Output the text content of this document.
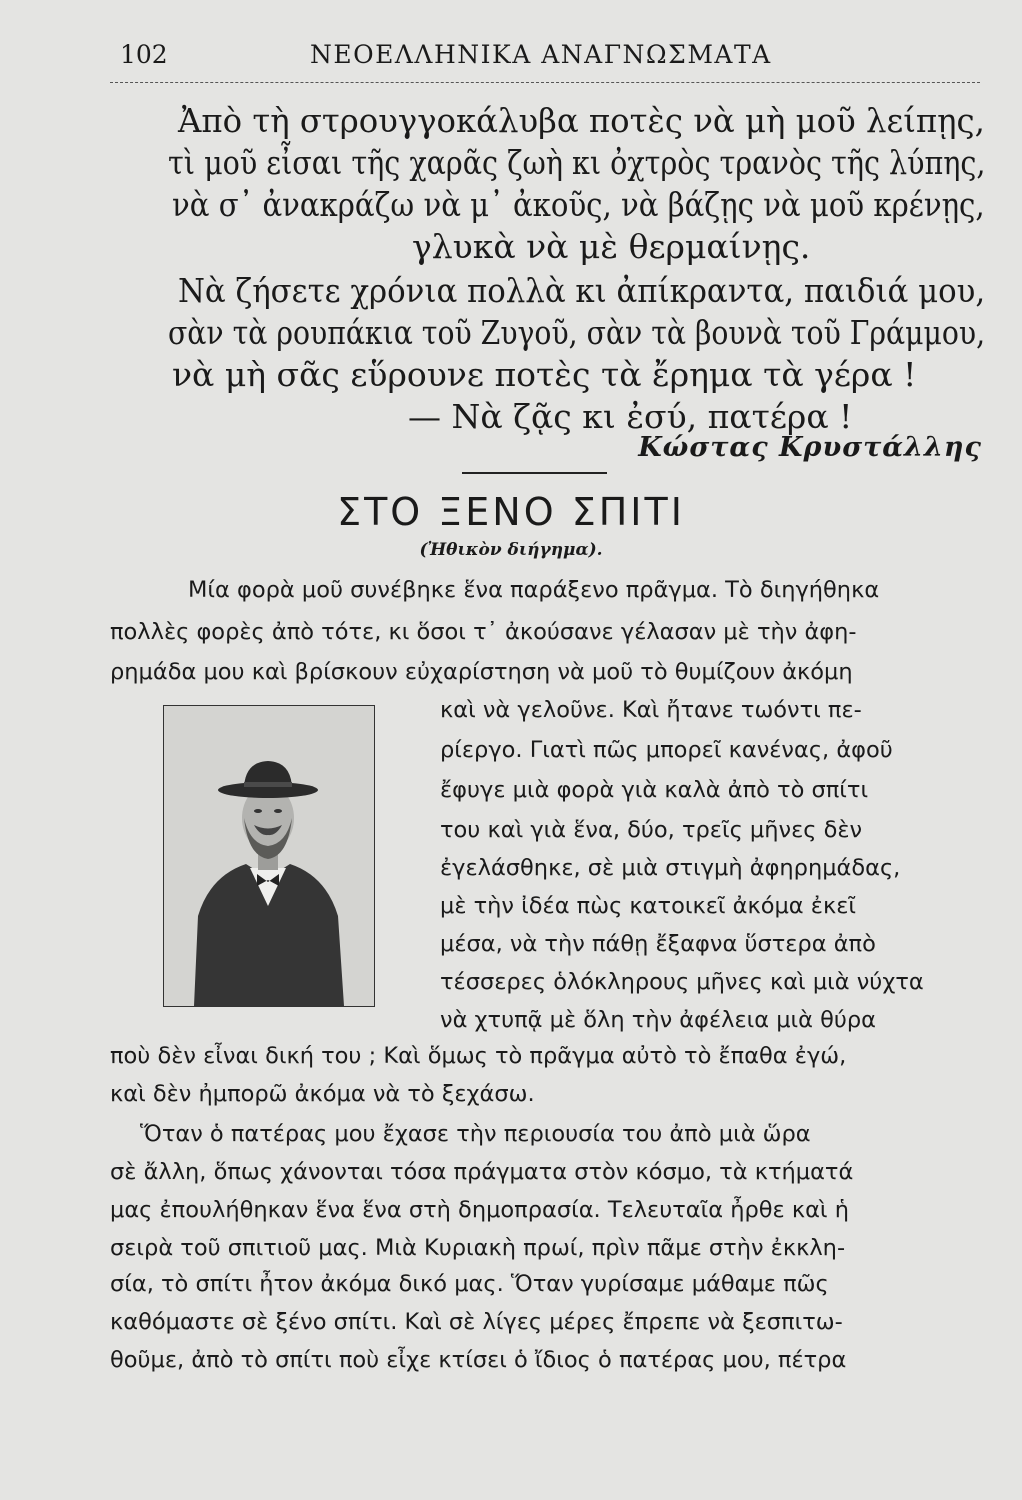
102	ΝΕΟΕΛΛΗΝΙΚΑ ΑΝΑΓΝΩΣΜΑΤΑ
Ἀπὸ τὴ στρουγγοκάλυβα ποτὲς νὰ μὴ μοῦ λείπῃς,
τὶ μοῦ εἶσαι τῆς χαρᾶς ζωὴ κι ὀχτρὸς τρανὸς τῆς λύπης,
νὰ σ᾽ ἀνακράζω νὰ μ᾽ ἀκοῦς, νὰ βάζῃς νὰ μοῦ κρένῃς,
γλυκὰ νὰ μὲ θερμαίνῃς.
Νὰ ζήσετε χρόνια πολλὰ κι ἀπίκραντα, παιδιά μου,
σὰν τὰ ρουπάκια τοῦ Ζυγοῦ, σὰν τὰ βουνὰ τοῦ Γράμμου,
νὰ μὴ σᾶς εὕρουνε ποτὲς τὰ ἔρημα τὰ γέρα !
— Νὰ ζᾷς κι ἐσύ, πατέρα !
Κώστας Κρυστάλλης
ΣΤΟ ΞΕΝΟ ΣΠΙΤΙ
(Ἠθικὸν διήγημα).
Μία φορὰ μοῦ συνέβηκε ἕνα παράξενο πρᾶγμα. Τὸ διηγήθηκα
πολλὲς φορὲς ἀπὸ τότε, κι ὅσοι τ᾽ ἀκούσανε γέλασαν μὲ τὴν ἀφη-
ρημάδα μου καὶ βρίσκουν εὐχαρίστηση νὰ μοῦ τὸ θυμίζουν ἀκόμη
καὶ νὰ γελοῦνε. Καὶ ἤτανε τωόντι πε-
ρίεργο. Γιατὶ πῶς μπορεῖ κανένας, ἀφοῦ
ἔφυγε μιὰ φορὰ γιὰ καλὰ ἀπὸ τὸ σπίτι
του καὶ γιὰ ἕνα, δύο, τρεῖς μῆνες δὲν
ἐγελάσθηκε, σὲ μιὰ στιγμὴ ἀφηρημάδας,
μὲ τὴν ἰδέα πὼς κατοικεῖ ἀκόμα ἐκεῖ
μέσα, νὰ τὴν πάθῃ ἔξαφνα ὕστερα ἀπὸ
τέσσερες ὁλόκληρους μῆνες καὶ μιὰ νύχτα
νὰ χτυπᾷ μὲ ὅλη τὴν ἀφέλεια μιὰ θύρα
ποὺ δὲν εἶναι δική του ; Καὶ ὅμως τὸ πρᾶγμα αὐτὸ τὸ ἔπαθα ἐγώ,
καὶ δὲν ἠμπορῶ ἀκόμα νὰ τὸ ξεχάσω.
Ὅταν ὁ πατέρας μου ἔχασε τὴν περιουσία του ἀπὸ μιὰ ὥρα
σὲ ἄλλη, ὅπως χάνονται τόσα πράγματα στὸν κόσμο, τὰ κτήματά
μας ἐπουλήθηκαν ἕνα ἕνα στὴ δημοπρασία. Τελευταῖα ἦρθε καὶ ἡ
σειρὰ τοῦ σπιτιοῦ μας. Μιὰ Κυριακὴ πρωί, πρὶν πᾶμε στὴν ἐκκλη-
σία, τὸ σπίτι ἦτον ἀκόμα δικό μας. Ὅταν γυρίσαμε μάθαμε πῶς
καθόμαστε σὲ ξένο σπίτι. Καὶ σὲ λίγες μέρες ἔπρεπε νὰ ξεσπιτω-
θοῦμε, ἀπὸ τὸ σπίτι ποὺ εἶχε κτίσει ὁ ἴδιος ὁ πατέρας μου, πέτρα
